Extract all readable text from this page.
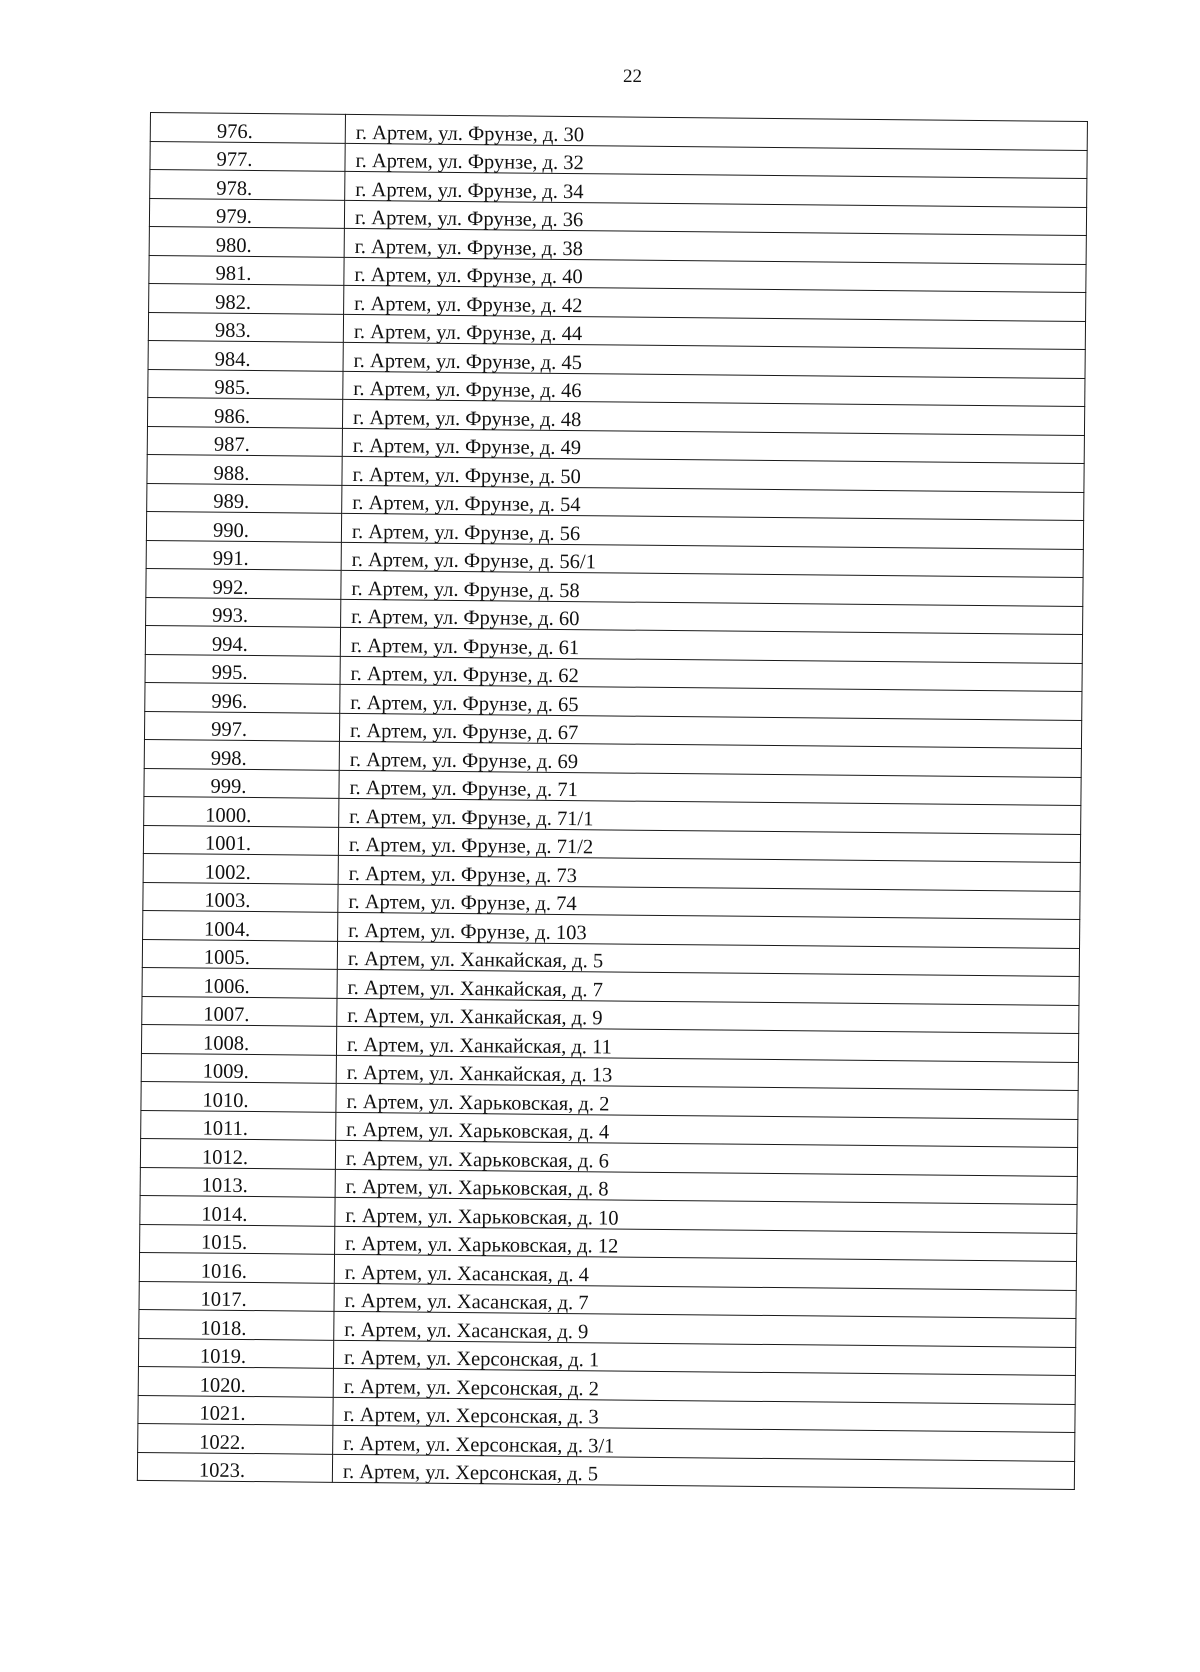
22
976.	г. Артем, ул. Фрунзе, д. 30
977.	г. Артем, ул. Фрунзе, д. 32
978.	г. Артем, ул. Фрунзе, д. 34
979.	г. Артем, ул. Фрунзе, д. 36
980.	г. Артем, ул. Фрунзе, д. 38
981.	г. Артем, ул. Фрунзе, д. 40
982.	г. Артем, ул. Фрунзе, д. 42
983.	г. Артем, ул. Фрунзе, д. 44
984.	г. Артем, ул. Фрунзе, д. 45
985.	г. Артем, ул. Фрунзе, д. 46
986.	г. Артем, ул. Фрунзе, д. 48
987.	г. Артем, ул. Фрунзе, д. 49
988.	г. Артем, ул. Фрунзе, д. 50
989.	г. Артем, ул. Фрунзе, д. 54
990.	г. Артем, ул. Фрунзе, д. 56
991.	г. Артем, ул. Фрунзе, д. 56/1
992.	г. Артем, ул. Фрунзе, д. 58
993.	г. Артем, ул. Фрунзе, д. 60
994.	г. Артем, ул. Фрунзе, д. 61
995.	г. Артем, ул. Фрунзе, д. 62
996.	г. Артем, ул. Фрунзе, д. 65
997.	г. Артем, ул. Фрунзе, д. 67
998.	г. Артем, ул. Фрунзе, д. 69
999.	г. Артем, ул. Фрунзе, д. 71
1000.	г. Артем, ул. Фрунзе, д. 71/1
1001.	г. Артем, ул. Фрунзе, д. 71/2
1002.	г. Артем, ул. Фрунзе, д. 73
1003.	г. Артем, ул. Фрунзе, д. 74
1004.	г. Артем, ул. Фрунзе, д. 103
1005.	г. Артем, ул. Ханкайская, д. 5
1006.	г. Артем, ул. Ханкайская, д. 7
1007.	г. Артем, ул. Ханкайская, д. 9
1008.	г. Артем, ул. Ханкайская, д. 11
1009.	г. Артем, ул. Ханкайская, д. 13
1010.	г. Артем, ул. Харьковская, д. 2
1011.	г. Артем, ул. Харьковская, д. 4
1012.	г. Артем, ул. Харьковская, д. 6
1013.	г. Артем, ул. Харьковская, д. 8
1014.	г. Артем, ул. Харьковская, д. 10
1015.	г. Артем, ул. Харьковская, д. 12
1016.	г. Артем, ул. Хасанская, д. 4
1017.	г. Артем, ул. Хасанская, д. 7
1018.	г. Артем, ул. Хасанская, д. 9
1019.	г. Артем, ул. Херсонская, д. 1
1020.	г. Артем, ул. Херсонская, д. 2
1021.	г. Артем, ул. Херсонская, д. 3
1022.	г. Артем, ул. Херсонская, д. 3/1
1023.	г. Артем, ул. Херсонская, д. 5
